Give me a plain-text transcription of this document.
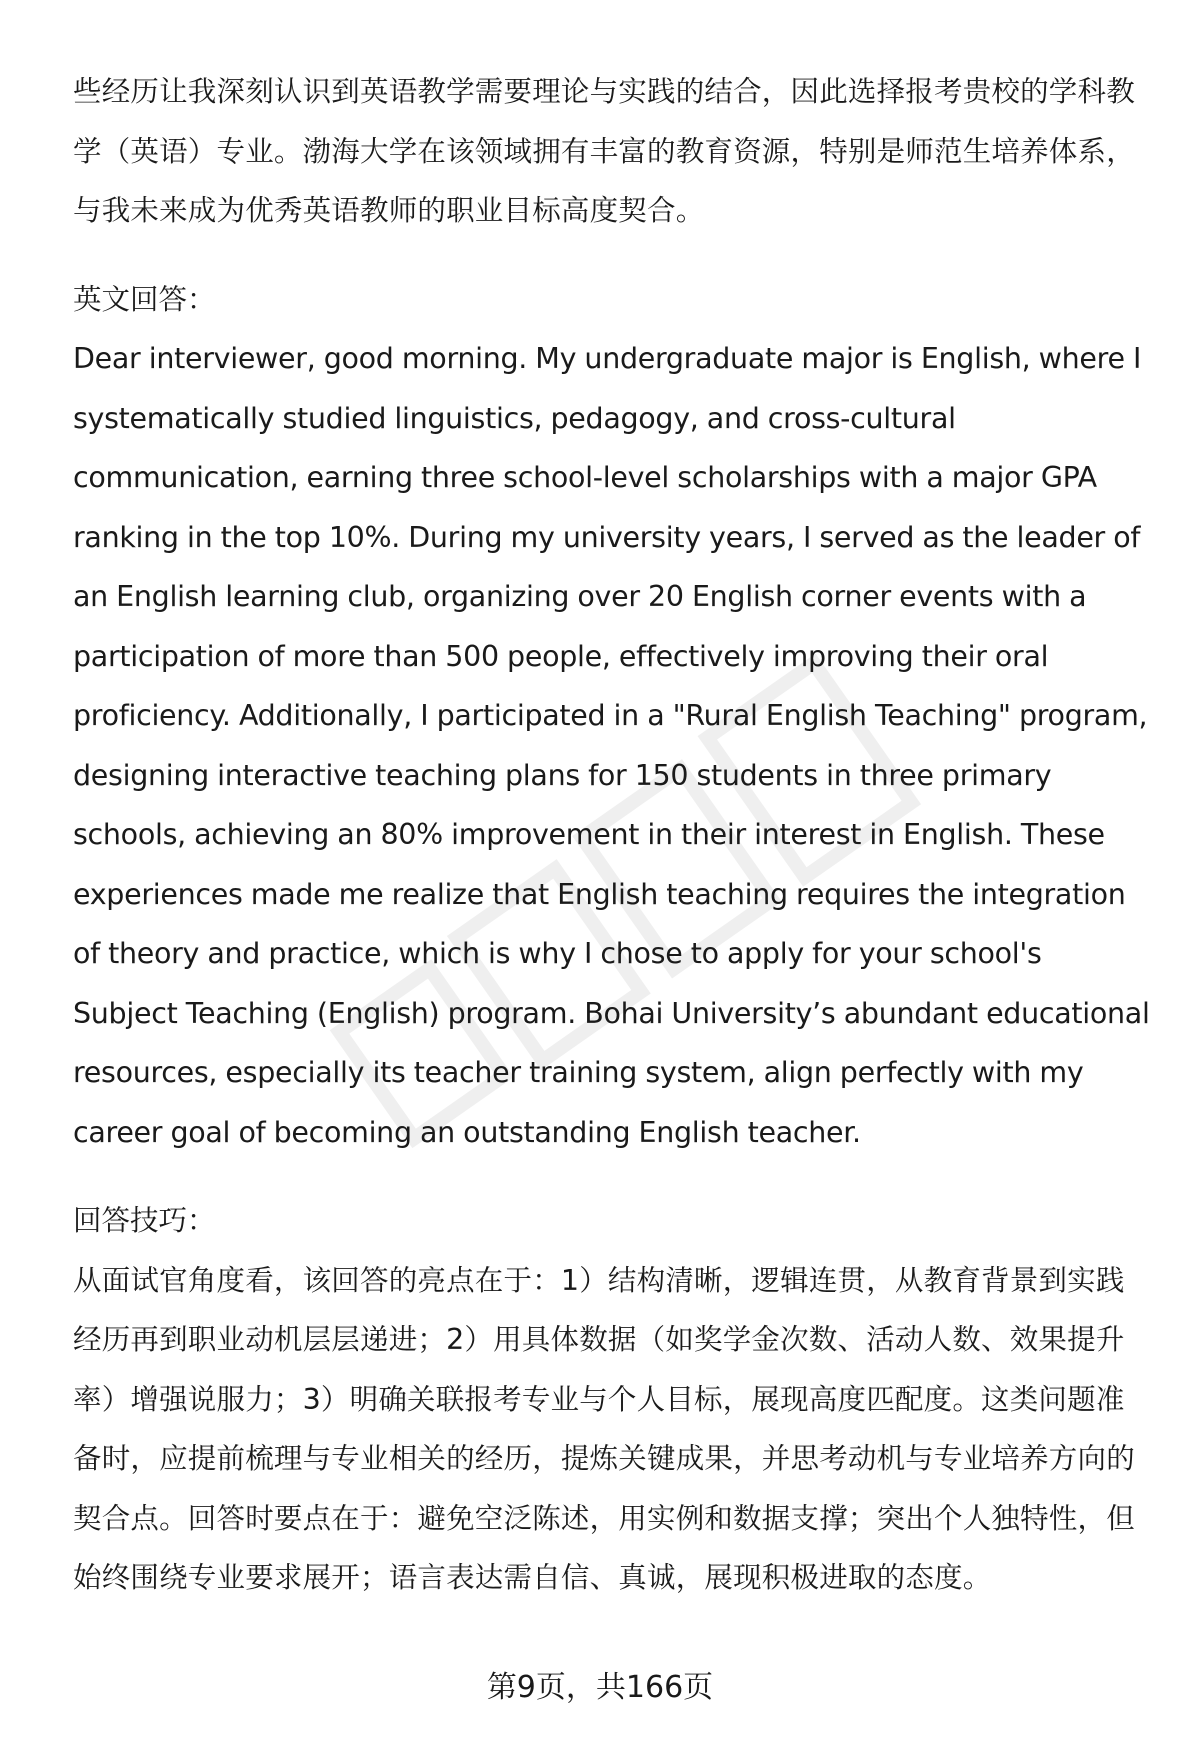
些经历让我深刻认识到英语教学需要理论与实践的结合，因此选择报考贵校的学科教学（英语）专业。渤海大学在该领域拥有丰富的教育资源，特别是师范生培养体系，与我未来成为优秀英语教师的职业目标高度契合。

英文回答：

Dear interviewer, good morning. My undergraduate major is English, where I systematically studied linguistics, pedagogy, and cross-cultural communication, earning three school-level scholarships with a major GPA ranking in the top 10%. During my university years, I served as the leader of an English learning club, organizing over 20 English corner events with a participation of more than 500 people, effectively improving their oral proficiency. Additionally, I participated in a "Rural English Teaching" program, designing interactive teaching plans for 150 students in three primary schools, achieving an 80% improvement in their interest in English. These experiences made me realize that English teaching requires the integration of theory and practice, which is why I chose to apply for your school's Subject Teaching (English) program. Bohai University’s abundant educational resources, especially its teacher training system, align perfectly with my career goal of becoming an outstanding English teacher.

回答技巧：

从面试官角度看，该回答的亮点在于：1）结构清晰，逻辑连贯，从教育背景到实践经历再到职业动机层层递进；2）用具体数据（如奖学金次数、活动人数、效果提升率）增强说服力；3）明确关联报考专业与个人目标，展现高度匹配度。这类问题准备时，应提前梳理与专业相关的经历，提炼关键成果，并思考动机与专业培养方向的契合点。回答时要点在于：避免空泛陈述，用实例和数据支撑；突出个人独特性，但始终围绕专业要求展开；语言表达需自信、真诚，展现积极进取的态度。

第9页，共166页
